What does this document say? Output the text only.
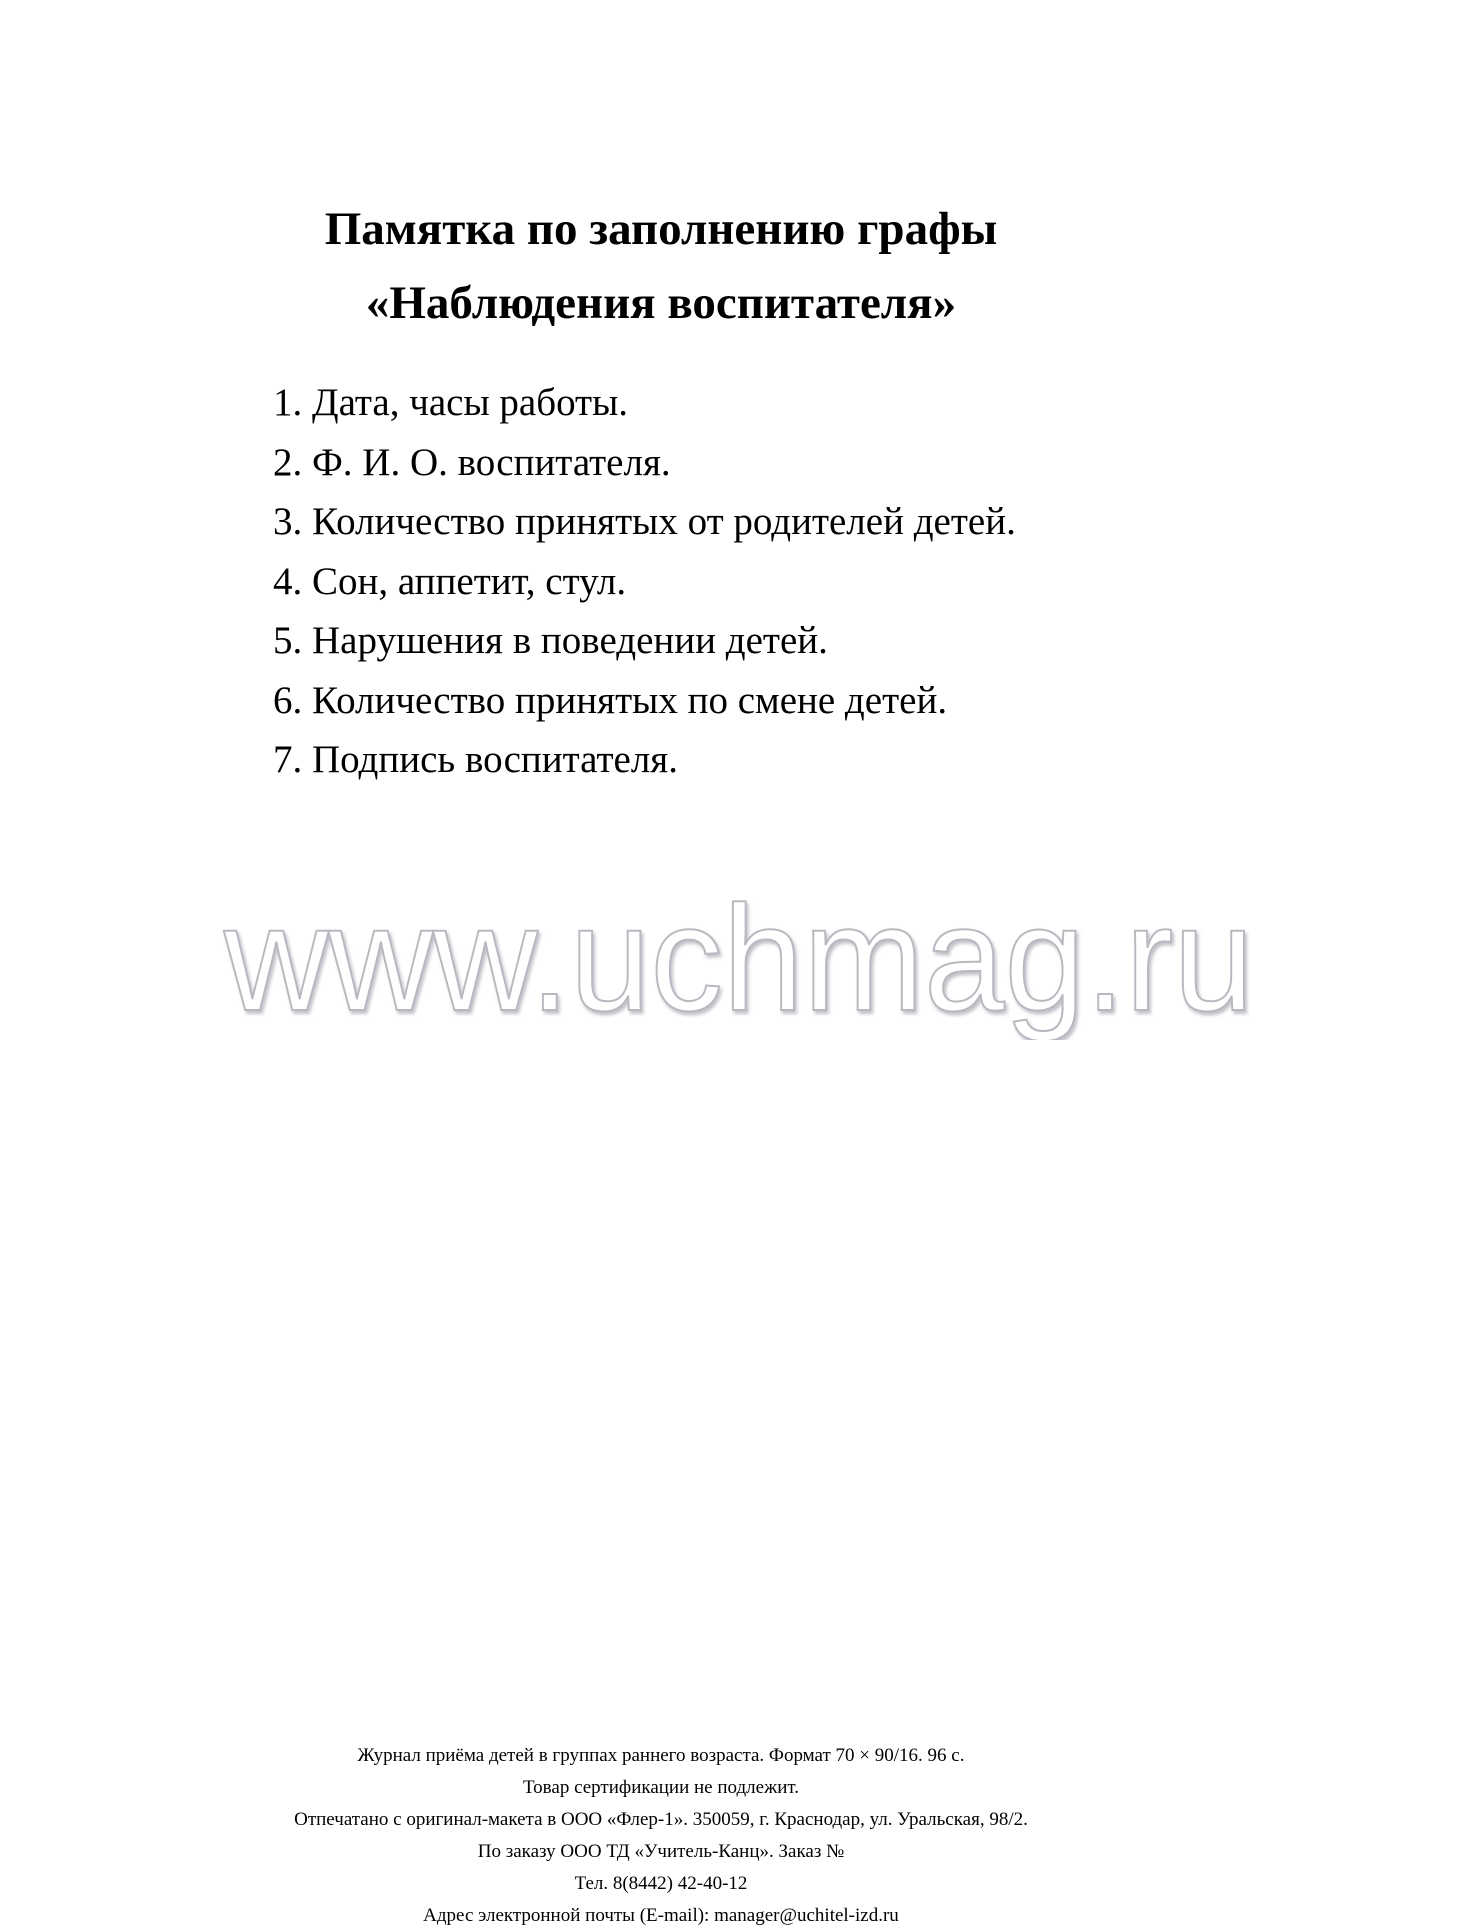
Памятка по заполнению графы
«Наблюдения воспитателя»
1. Дата, часы работы.
2. Ф. И. О. воспитателя.
3. Количество принятых от родителей детей.
4. Сон, аппетит, стул.
5. Нарушения в поведении детей.
6. Количество принятых по смене детей.
7. Подпись воспитателя.
www.uchmag.ru
Журнал приёма детей в группах раннего возраста. Формат 70 × 90/16. 96 с.
Товар сертификации не подлежит.
Отпечатано с оригинал-макета в ООО «Флер-1». 350059, г. Краснодар, ул. Уральская, 98/2.
По заказу ООО ТД «Учитель-Канц». Заказ №
Тел. 8(8442) 42-40-12
Адрес электронной почты (E-mail): manager@uchitel-izd.ru
